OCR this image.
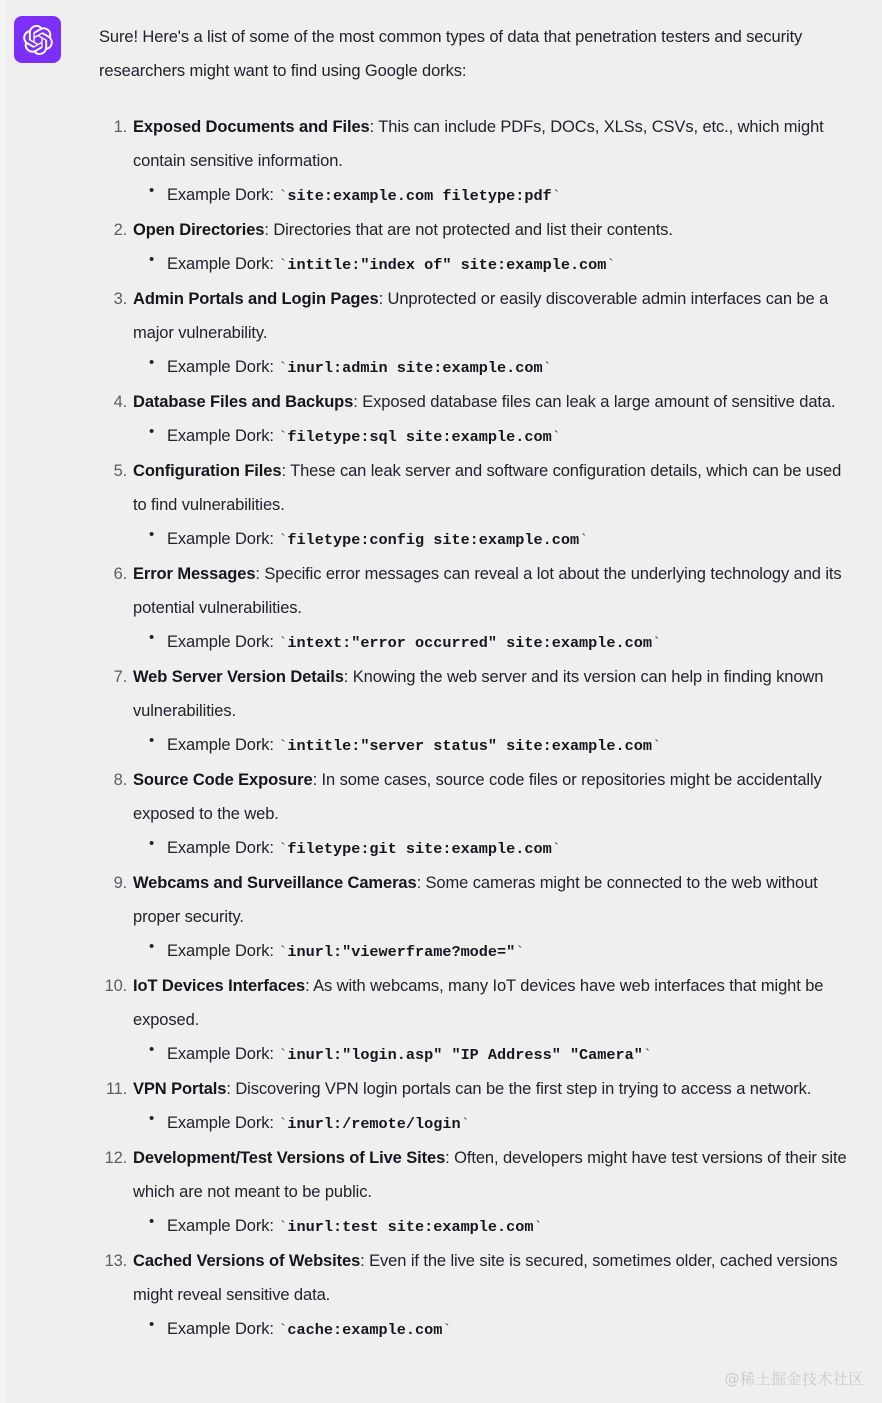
Sure! Here's a list of some of the most common types of data that penetration testers and security researchers might want to find using Google dorks:

Exposed Documents and Files: This can include PDFs, DOCs, XLSs, CSVs, etc., which might contain sensitive information.

• Example Dork: `site:example.com filetype:pdf`

Open Directories: Directories that are not protected and list their contents.

• Example Dork: `intitle:"index of" site:example.com`

Admin Portals and Login Pages: Unprotected or easily discoverable admin interfaces can be a major vulnerability.

• Example Dork: `inurl:admin site:example.com`

Database Files and Backups: Exposed database files can leak a large amount of sensitive data.

• Example Dork: `filetype:sql site:example.com`

Configuration Files: These can leak server and software configuration details, which can be used to find vulnerabilities.

• Example Dork: `filetype:config site:example.com`

Error Messages: Specific error messages can reveal a lot about the underlying technology and its potential vulnerabilities.

• Example Dork: `intext:"error occurred" site:example.com`

Web Server Version Details: Knowing the web server and its version can help in finding known vulnerabilities.

• Example Dork: `intitle:"server status" site:example.com`

Source Code Exposure: In some cases, source code files or repositories might be accidentally exposed to the web.

• Example Dork: `filetype:git site:example.com`

Webcams and Surveillance Cameras: Some cameras might be connected to the web without proper security.

• Example Dork: `inurl:"viewerframe?mode="`

IoT Devices Interfaces: As with webcams, many IoT devices have web interfaces that might be exposed.

• Example Dork: `inurl:"login.asp" "IP Address" "Camera"`

VPN Portals: Discovering VPN login portals can be the first step in trying to access a network.

• Example Dork: `inurl:/remote/login`

Development/Test Versions of Live Sites: Often, developers might have test versions of their site which are not meant to be public.

• Example Dork: `inurl:test site:example.com`

Cached Versions of Websites: Even if the live site is secured, sometimes older, cached versions might reveal sensitive data.

• Example Dork: `cache:example.com`
@稀土掘金技术社区
